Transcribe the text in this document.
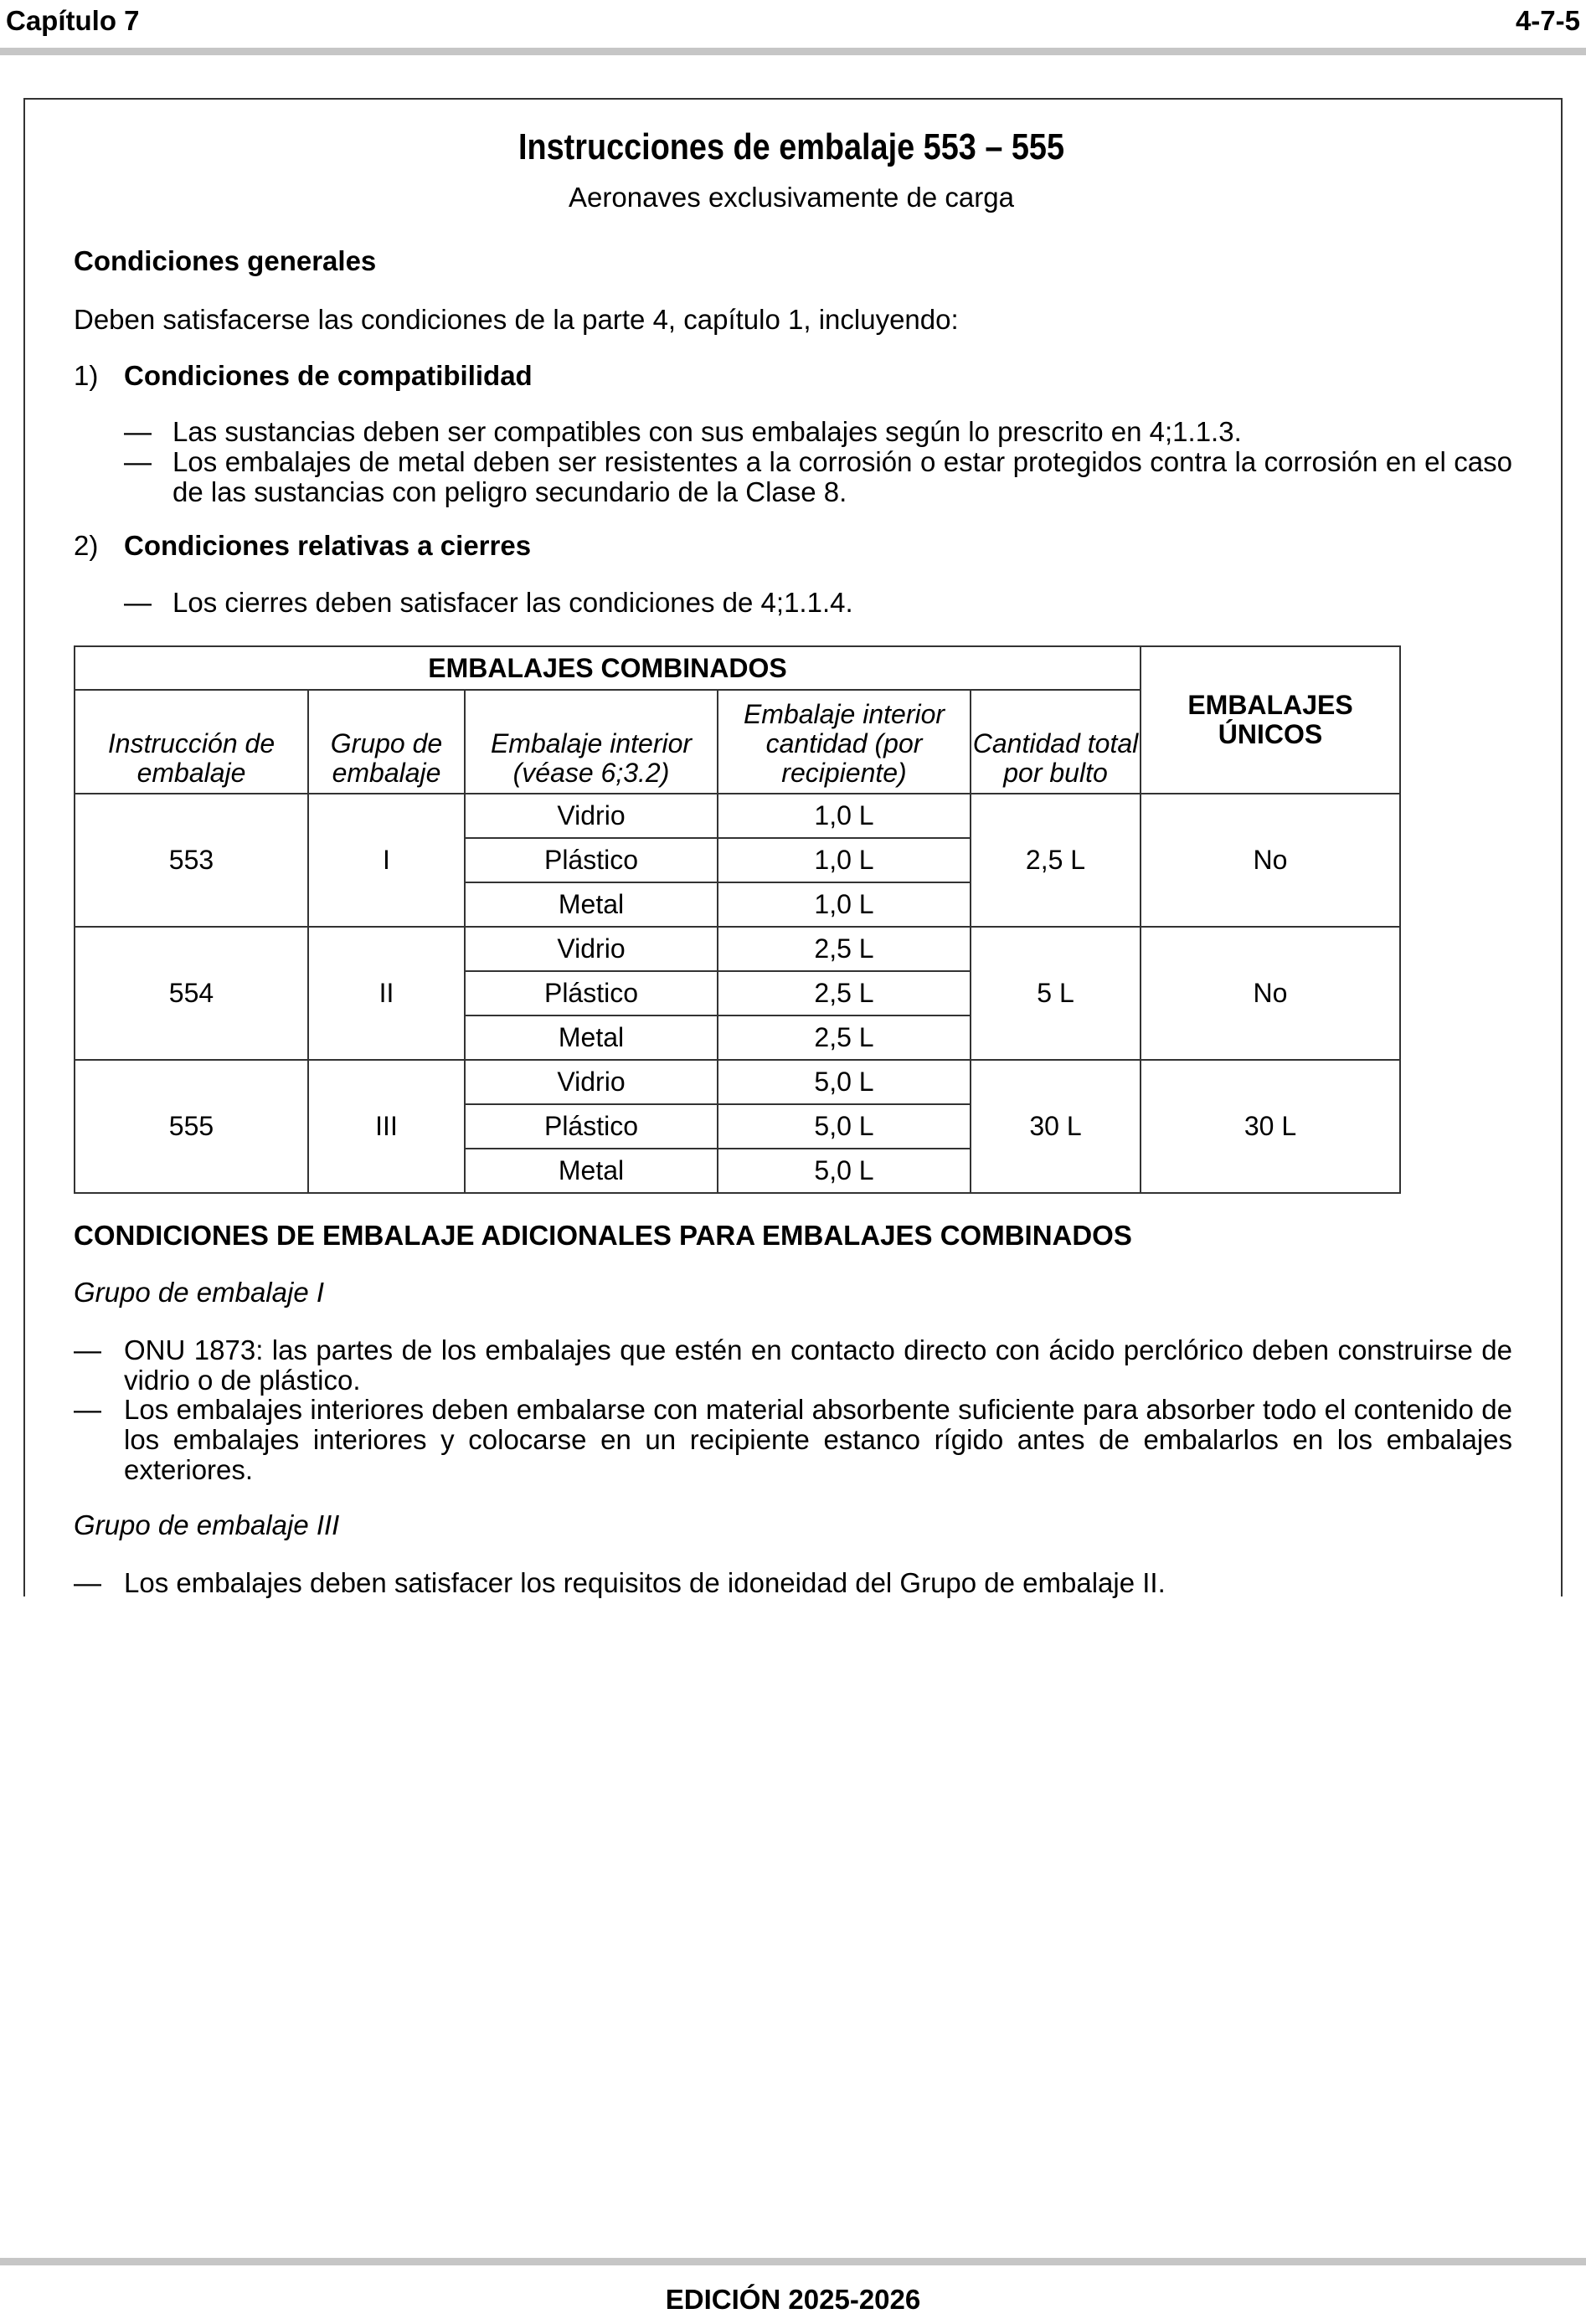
Capítulo 7	4-7-5
Instrucciones de embalaje 553 – 555
Aeronaves exclusivamente de carga
Condiciones generales
Deben satisfacerse las condiciones de la parte 4, capítulo 1, incluyendo:
1) Condiciones de compatibilidad
— Las sustancias deben ser compatibles con sus embalajes según lo prescrito en 4;1.1.3.
— Los embalajes de metal deben ser resistentes a la corrosión o estar protegidos contra la corrosión en el caso de las sustancias con peligro secundario de la Clase 8.
2) Condiciones relativas a cierres
— Los cierres deben satisfacer las condiciones de 4;1.1.4.
EMBALAJES COMBINADOS					EMBALAJES ÚNICOS
Instrucción de embalaje	Grupo de embalaje	Embalaje interior (véase 6;3.2)	Embalaje interior cantidad (por recipiente)	Cantidad total por bulto	
553	I	Vidrio	1,0 L	2,5 L	No
		Plástico	1,0 L		
		Metal	1,0 L		
554	II	Vidrio	2,5 L	5 L	No
		Plástico	2,5 L		
		Metal	2,5 L		
555	III	Vidrio	5,0 L	30 L	30 L
		Plástico	5,0 L		
		Metal	5,0 L		
CONDICIONES DE EMBALAJE ADICIONALES PARA EMBALAJES COMBINADOS
Grupo de embalaje I
— ONU 1873: las partes de los embalajes que estén en contacto directo con ácido perclórico deben construirse de vidrio o de plástico.
— Los embalajes interiores deben embalarse con material absorbente suficiente para absorber todo el contenido de los embalajes interiores y colocarse en un recipiente estanco rígido antes de embalarlos en los embalajes exteriores.
Grupo de embalaje III
— Los embalajes deben satisfacer los requisitos de idoneidad del Grupo de embalaje II.
EDICIÓN 2025-2026
